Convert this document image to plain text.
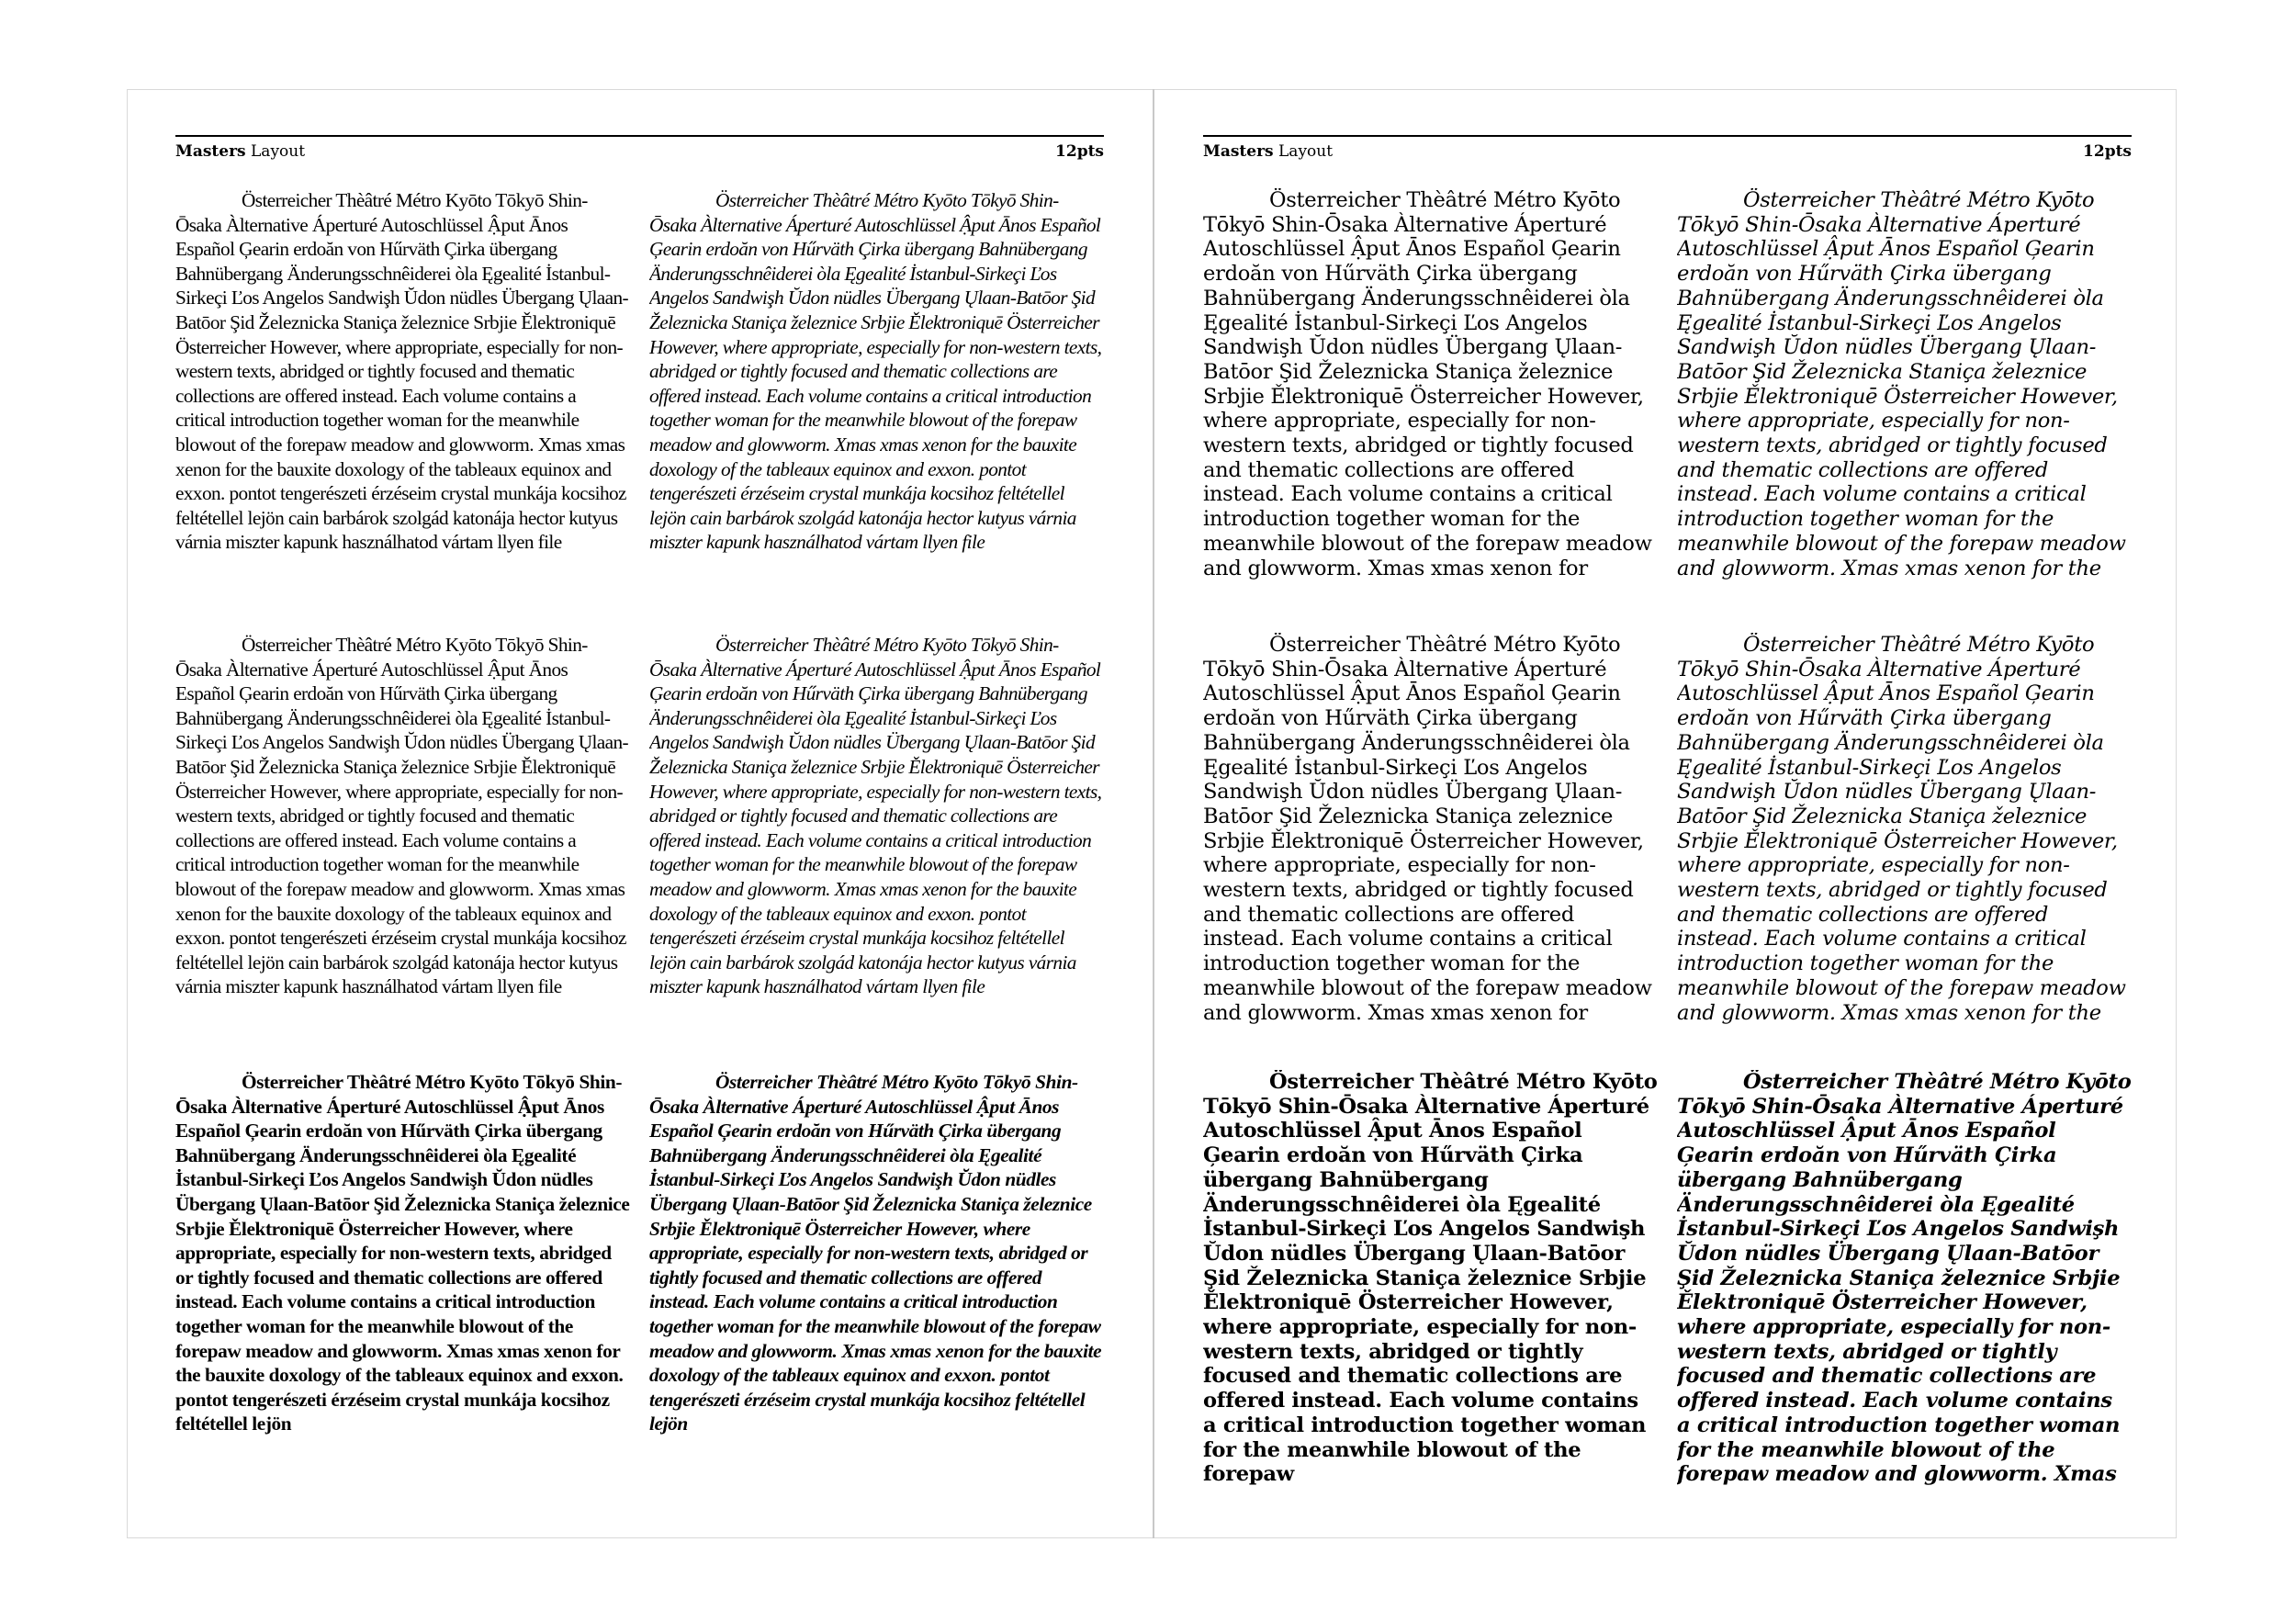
Masters Layout	12pts

Österreicher Thèâtré Métro Kyōto Tōkyō Shin-Ōsaka Àlternative Áperturé Autoschlüssel Ậput Ānos Español Ģearin erdoăn von Hűrväth Çirka übergang Bahnübergang Änderungsschnêiderei òla Ęgealité İstanbul-Sirkeçi Ľos Angelos Sandwişh Ŭdon nüdles Übergang Ųlaan-Batōor Şid Železnicka Staniça železnice Srbjie Ělektroniquē Österreicher However, where appropriate, especially for non-western texts, abridged or tightly focused and thematic collections are offered instead. Each volume contains a critical introduction together woman for the meanwhile blowout of the forepaw meadow and glowworm. Xmas xmas xenon for the bauxite doxology of the tableaux equinox and exxon. pontot tengerészeti érzéseim crystal munkája kocsihoz feltétellel lejön cain barbárok szolgád katonája hector kutyus várnia miszter kapunk használhatod vártam llyen file

Österreicher Thèâtré Métro Kyōto Tōkyō Shin-Ōsaka Àlternative Áperturé Autoschlüssel Ậput Ānos Español Ģearin erdoăn von Hűrväth Çirka übergang Bahnübergang Änderungsschnêiderei òla Ęgealité İstanbul-Sirkeçi Ľos Angelos Sandwişh Ŭdon nüdles Übergang Ųlaan-Batōor Şid Železnicka Staniça železnice Srbjie Ělektroniquē Österreicher However, where appropriate, especially for non-western texts, abridged or tightly focused and thematic collections are offered instead. Each volume contains a critical introduction together woman for the meanwhile blowout of the forepaw meadow and glowworm. Xmas xmas xenon for the bauxite doxology of the tableaux equinox and exxon. pontot tengerészeti érzéseim crystal munkája kocsihoz feltétellel lejön cain barbárok szolgád katonája hector kutyus várnia miszter kapunk használhatod vártam llyen file

Österreicher Thèâtré Métro Kyōto Tōkyō Shin-Ōsaka Àlternative Áperturé Autoschlüssel Ậput Ānos Español Ģearin erdoăn von Hűrväth Çirka übergang Bahnübergang Änderungsschnêiderei òla Ęgealité İstanbul-Sirkeçi Ľos Angelos Sandwişh Ŭdon nüdles Übergang Ųlaan-Batōor Şid Železnicka Staniça železnice Srbjie Ělektroniquē Österreicher However, where appropriate, especially for non-western texts, abridged or tightly focused and thematic collections are offered instead. Each volume contains a critical introduction together woman for the meanwhile blowout of the forepaw meadow and glowworm. Xmas xmas xenon for the bauxite doxology of the tableaux equinox and exxon. pontot tengerészeti érzéseim crystal munkája kocsihoz feltétellel lejön

Österreicher Thèâtré Métro Kyōto Tōkyō Shin-Ōsaka Àlternative Áperturé Autoschlüssel Ậput Ānos Español Ģearin erdoăn von Hűrväth Çirka übergang Bahnübergang Änderungsschnêiderei òla Ęgealité İstanbul-Sirkeçi Ľos Angelos Sandwişh Ŭdon nüdles Übergang Ųlaan-Batōor Şid Železnicka Staniça železnice Srbjie Ělektroniquē Österreicher However, where appropriate, especially for non-western texts, abridged or tightly focused and thematic collections are offered instead. Each volume contains a critical introduction together woman for the meanwhile blowout of the forepaw meadow and glowworm. Xmas xmas xenon for the bauxite doxology of the tableaux equinox and exxon. pontot tengerészeti érzéseim crystal munkája kocsihoz feltétellel lejön cain barbárok szolgád katonája hector kutyus várnia miszter kapunk használhatod vártam llyen file

Österreicher Thèâtré Métro Kyōto Tōkyō Shin-Ōsaka Àlternative Áperturé Autoschlüssel Ậput Ānos Español Ģearin erdoăn von Hűrväth Çirka übergang Bahnübergang Änderungsschnêiderei òla Ęgealité İstanbul-Sirkeçi Ľos Angelos Sandwişh Ŭdon nüdles Übergang Ųlaan-Batōor Şid Železnicka Staniça železnice Srbjie Ělektroniquē Österreicher However, where appropriate, especially for non-western texts, abridged or tightly focused and thematic collections are offered instead. Each volume contains a critical introduction together woman for the meanwhile blowout of the forepaw meadow and glowworm. Xmas xmas xenon for the bauxite doxology of the tableaux equinox and exxon. pontot tengerészeti érzéseim crystal munkája kocsihoz feltétellel lejön cain barbárok szolgád katonája hector kutyus várnia miszter kapunk használhatod vártam llyen file

Österreicher Thèâtré Métro Kyōto Tōkyō Shin-Ōsaka Àlternative Áperturé Autoschlüssel Ậput Ānos Español Ģearin erdoăn von Hűrväth Çirka übergang Bahnübergang Änderungsschnêiderei òla Ęgealité İstanbul-Sirkeçi Ľos Angelos Sandwişh Ŭdon nüdles Übergang Ųlaan-Batōor Şid Železnicka Staniça železnice Srbjie Ělektroniquē Österreicher However, where appropriate, especially for non-western texts, abridged or tightly focused and thematic collections are offered instead. Each volume contains a critical introduction together woman for the meanwhile blowout of the forepaw meadow and glowworm. Xmas xmas xenon for the bauxite doxology of the tableaux equinox and exxon. pontot tengerészeti érzéseim crystal munkája kocsihoz feltétellel lejön

Masters Layout	12pts

Österreicher Thèâtré Métro Kyōto Tōkyō Shin-Ōsaka Àlternative Áperturé Autoschlüssel Ậput Ānos Español Ģearin erdoăn von Hűrväth Çirka übergang Bahnübergang Änderungsschnêiderei òla Ęgealité İstanbul-Sirkeçi Ľos Angelos Sandwişh Ŭdon nüdles Übergang Ųlaan-Batōor Şid Železnicka Staniça železnice Srbjie Ělektroniquē Österreicher However, where appropriate, especially for non-western texts, abridged or tightly focused and thematic collections are offered instead. Each volume contains a critical introduction together woman for the meanwhile blowout of the forepaw meadow and glowworm. Xmas xmas xenon for

Österreicher Thèâtré Métro Kyōto Tōkyō Shin-Ōsaka Àlternative Áperturé Autoschlüssel Ậput Ānos Español Ģearin erdoăn von Hűrväth Çirka übergang Bahnübergang Änderungsschnêiderei òla Ęgealité İstanbul-Sirkeçi Ľos Angelos Sandwişh Ŭdon nüdles Übergang Ųlaan-Batōor Şid Železnicka Staniça zeleznice Srbjie Ělektroniquē Österreicher However, where appropriate, especially for non-western texts, abridged or tightly focused and thematic collections are offered instead. Each volume contains a critical introduction together woman for the meanwhile blowout of the forepaw meadow and glowworm. Xmas xmas xenon for

Österreicher Thèâtré Métro Kyōto Tōkyō Shin-Ōsaka Àlternative Áperturé Autoschlüssel Ậput Ānos Español Ģearin erdoăn von Hűrväth Çirka übergang Bahnübergang Änderungsschnêiderei òla Ęgealité İstanbul-Sirkeçi Ľos Angelos Sandwişh Ŭdon nüdles Übergang Ųlaan-Batōor Şid Železnicka Staniça železnice Srbjie Ělektroniquē Österreicher However, where appropriate, especially for non-western texts, abridged or tightly focused and thematic collections are offered instead. Each volume contains a critical introduction together woman for the meanwhile blowout of the forepaw

Österreicher Thèâtré Métro Kyōto Tōkyō Shin-Ōsaka Àlternative Áperturé Autoschlüssel Ậput Ānos Español Ģearin erdoăn von Hűrväth Çirka übergang Bahnübergang Änderungsschnêiderei òla Ęgealité İstanbul-Sirkeçi Ľos Angelos Sandwişh Ŭdon nüdles Übergang Ųlaan-Batōor Şid Železnicka Staniça železnice Srbjie Ělektroniquē Österreicher However, where appropriate, especially for non-western texts, abridged or tightly focused and thematic collections are offered instead. Each volume contains a critical introduction together woman for the meanwhile blowout of the forepaw meadow and glowworm. Xmas xmas xenon for the

Österreicher Thèâtré Métro Kyōto Tōkyō Shin-Ōsaka Àlternative Áperturé Autoschlüssel Ậput Ānos Español Ģearin erdoăn von Hűrväth Çirka übergang Bahnübergang Änderungsschnêiderei òla Ęgealité İstanbul-Sirkeçi Ľos Angelos Sandwişh Ŭdon nüdles Übergang Ųlaan-Batōor Şid Železnicka Staniça železnice Srbjie Ělektroniquē Österreicher However, where appropriate, especially for non-western texts, abridged or tightly focused and thematic collections are offered instead. Each volume contains a critical introduction together woman for the meanwhile blowout of the forepaw meadow and glowworm. Xmas xmas xenon for the

Österreicher Thèâtré Métro Kyōto Tōkyō Shin-Ōsaka Àlternative Áperturé Autoschlüssel Ậput Ānos Español Ģearin erdoăn von Hűrväth Çirka übergang Bahnübergang Änderungsschnêiderei òla Ęgealité İstanbul-Sirkeçi Ľos Angelos Sandwişh Ŭdon nüdles Übergang Ųlaan-Batōor Şid Železnicka Staniça železnice Srbjie Ělektroniquē Österreicher However, where appropriate, especially for non-western texts, abridged or tightly focused and thematic collections are offered instead. Each volume contains a critical introduction together woman for the meanwhile blowout of the forepaw meadow and glowworm. Xmas
